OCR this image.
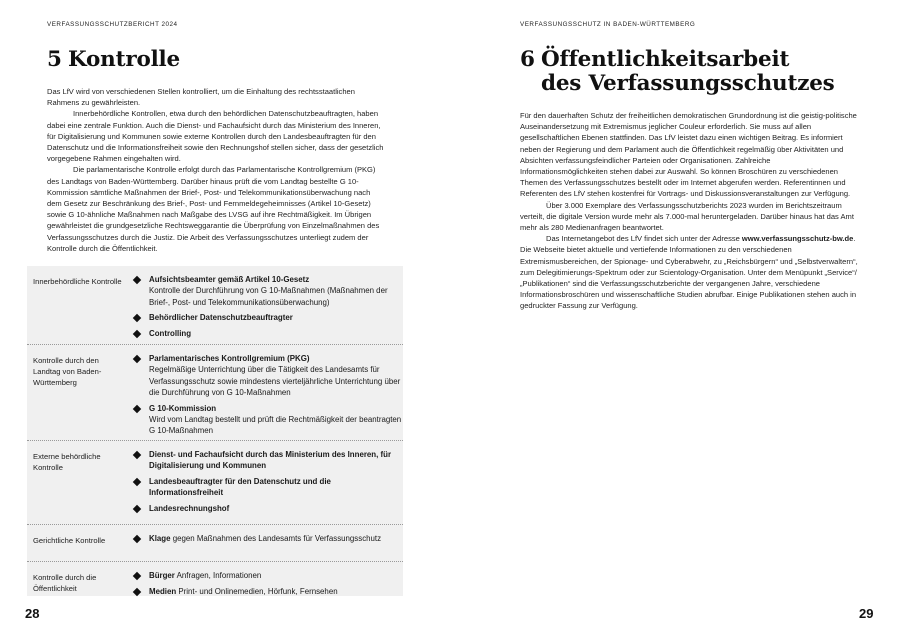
VERFASSUNGSSCHUTZBERICHT 2024
5 Kontrolle

Das LfV wird von verschiedenen Stellen kontrolliert, um die Einhaltung des rechtsstaatlichen Rahmens zu gewährleisten.

Innerbehördliche Kontrollen, etwa durch den behördlichen Datenschutzbeauftragten, haben dabei eine zentrale Funktion. Auch die Dienst- und Fachaufsicht durch das Ministerium des Inneren, für Digitalisierung und Kommunen sowie externe Kontrollen durch den Landesbeauftragten für den Datenschutz und die Informationsfreiheit sowie den Rechnungshof stellen sicher, dass der gesetzlich vorgegebene Rahmen eingehalten wird.

Die parlamentarische Kontrolle erfolgt durch das Parlamentarische Kontrollgremium (PKG) des Landtags von Baden-Württemberg. Darüber hinaus prüft die vom Landtag bestellte G 10-Kommission sämtliche Maßnahmen der Brief-, Post- und Telekommunikationsüberwachung nach dem Gesetz zur Beschränkung des Brief-, Post- und Fernmeldegeheimnisses (Artikel 10-Gesetz) sowie G 10-ähnliche Maßnahmen nach Maßgabe des LVSG auf ihre Rechtmäßigkeit. Im Übrigen gewährleistet die grundgesetzliche Rechtsweggarantie die Überprüfung von Einzelmaßnahmen des Verfassungsschutzes durch die Justiz. Die Arbeit des Verfassungsschutzes unterliegt zudem der Kontrolle durch die Öffentlichkeit.

Innerbehördliche Kontrolle	Aufsichtsbeamter gemäß Artikel 10-Gesetz
Kontrolle der Durchführung von G 10-Maßnahmen (Maßnahmen der Brief-, Post- und Telekommunikationsüberwachung)
Behördlicher Datenschutzbeauftragter
Controlling
Kontrolle durch den Landtag von Baden-Württemberg
Parlamentarisches Kontrollgremium (PKG)
Regelmäßige Unterrichtung über die Tätigkeit des Landesamts für Verfassungsschutz sowie mindestens vierteljährliche Unterrichtung über die Durchführung von G 10-Maßnahmen
G 10-Kommission
Wird vom Landtag bestellt und prüft die Rechtmäßigkeit der beantragten G 10-Maßnahmen
Externe behördliche Kontrolle
Dienst- und Fachaufsicht durch das Ministerium des Inneren, für Digitalisierung und Kommunen
Landesbeauftragter für den Datenschutz und die Informationsfreiheit
Landesrechnungshof
Gerichtliche Kontrolle	Klage gegen Maßnahmen des Landesamts für Verfassungsschutz
Kontrolle durch die Öffentlichkeit
Bürger Anfragen, Informationen
Medien Print- und Onlinemedien, Hörfunk, Fernsehen
28
VERFASSUNGSSCHUTZ IN BADEN-WÜRTTEMBERG
6 Öffentlichkeitsarbeit
des Verfassungsschutzes

Für den dauerhaften Schutz der freiheitlichen demokratischen Grundordnung ist die geistig-politische Auseinandersetzung mit Extremismus jeglicher Couleur erforderlich. Sie muss auf allen gesellschaftlichen Ebenen stattfinden. Das LfV leistet dazu einen wichtigen Beitrag. Es informiert neben der Regierung und dem Parlament auch die Öffentlichkeit regelmäßig über Aktivitäten und Absichten verfassungsfeindlicher Parteien oder Organisationen. Zahlreiche Informationsmöglichkeiten stehen dabei zur Auswahl. So können Broschüren zu verschiedenen Themen des Verfassungsschutzes bestellt oder im Internet abgerufen werden. Referentinnen und Referenten des LfV stehen kostenfrei für Vortrags- und Diskussionsveranstaltungen zur Verfügung.

Über 3.000 Exemplare des Verfassungsschutzberichts 2023 wurden im Berichtszeitraum verteilt, die digitale Version wurde mehr als 7.000-mal heruntergeladen. Darüber hinaus hat das Amt mehr als 280 Medienanfragen beantwortet.

Das Internetangebot des LfV findet sich unter der Adresse www.verfassungsschutz-bw.de. Die Webseite bietet aktuelle und vertiefende Informationen zu den verschiedenen Extremismusbereichen, der Spionage- und Cyberabwehr, zu „Reichsbürgern“ und „Selbstverwaltern“, zum Delegitimierungs-Spektrum oder zur Scientology-Organisation. Unter dem Menüpunkt „Service“/„Publikationen“ sind die Verfassungsschutzberichte der vergangenen Jahre, verschiedene Informationsbroschüren und wissenschaftliche Studien abrufbar. Einige Publikationen stehen auch in gedruckter Fassung zur Verfügung.

29
